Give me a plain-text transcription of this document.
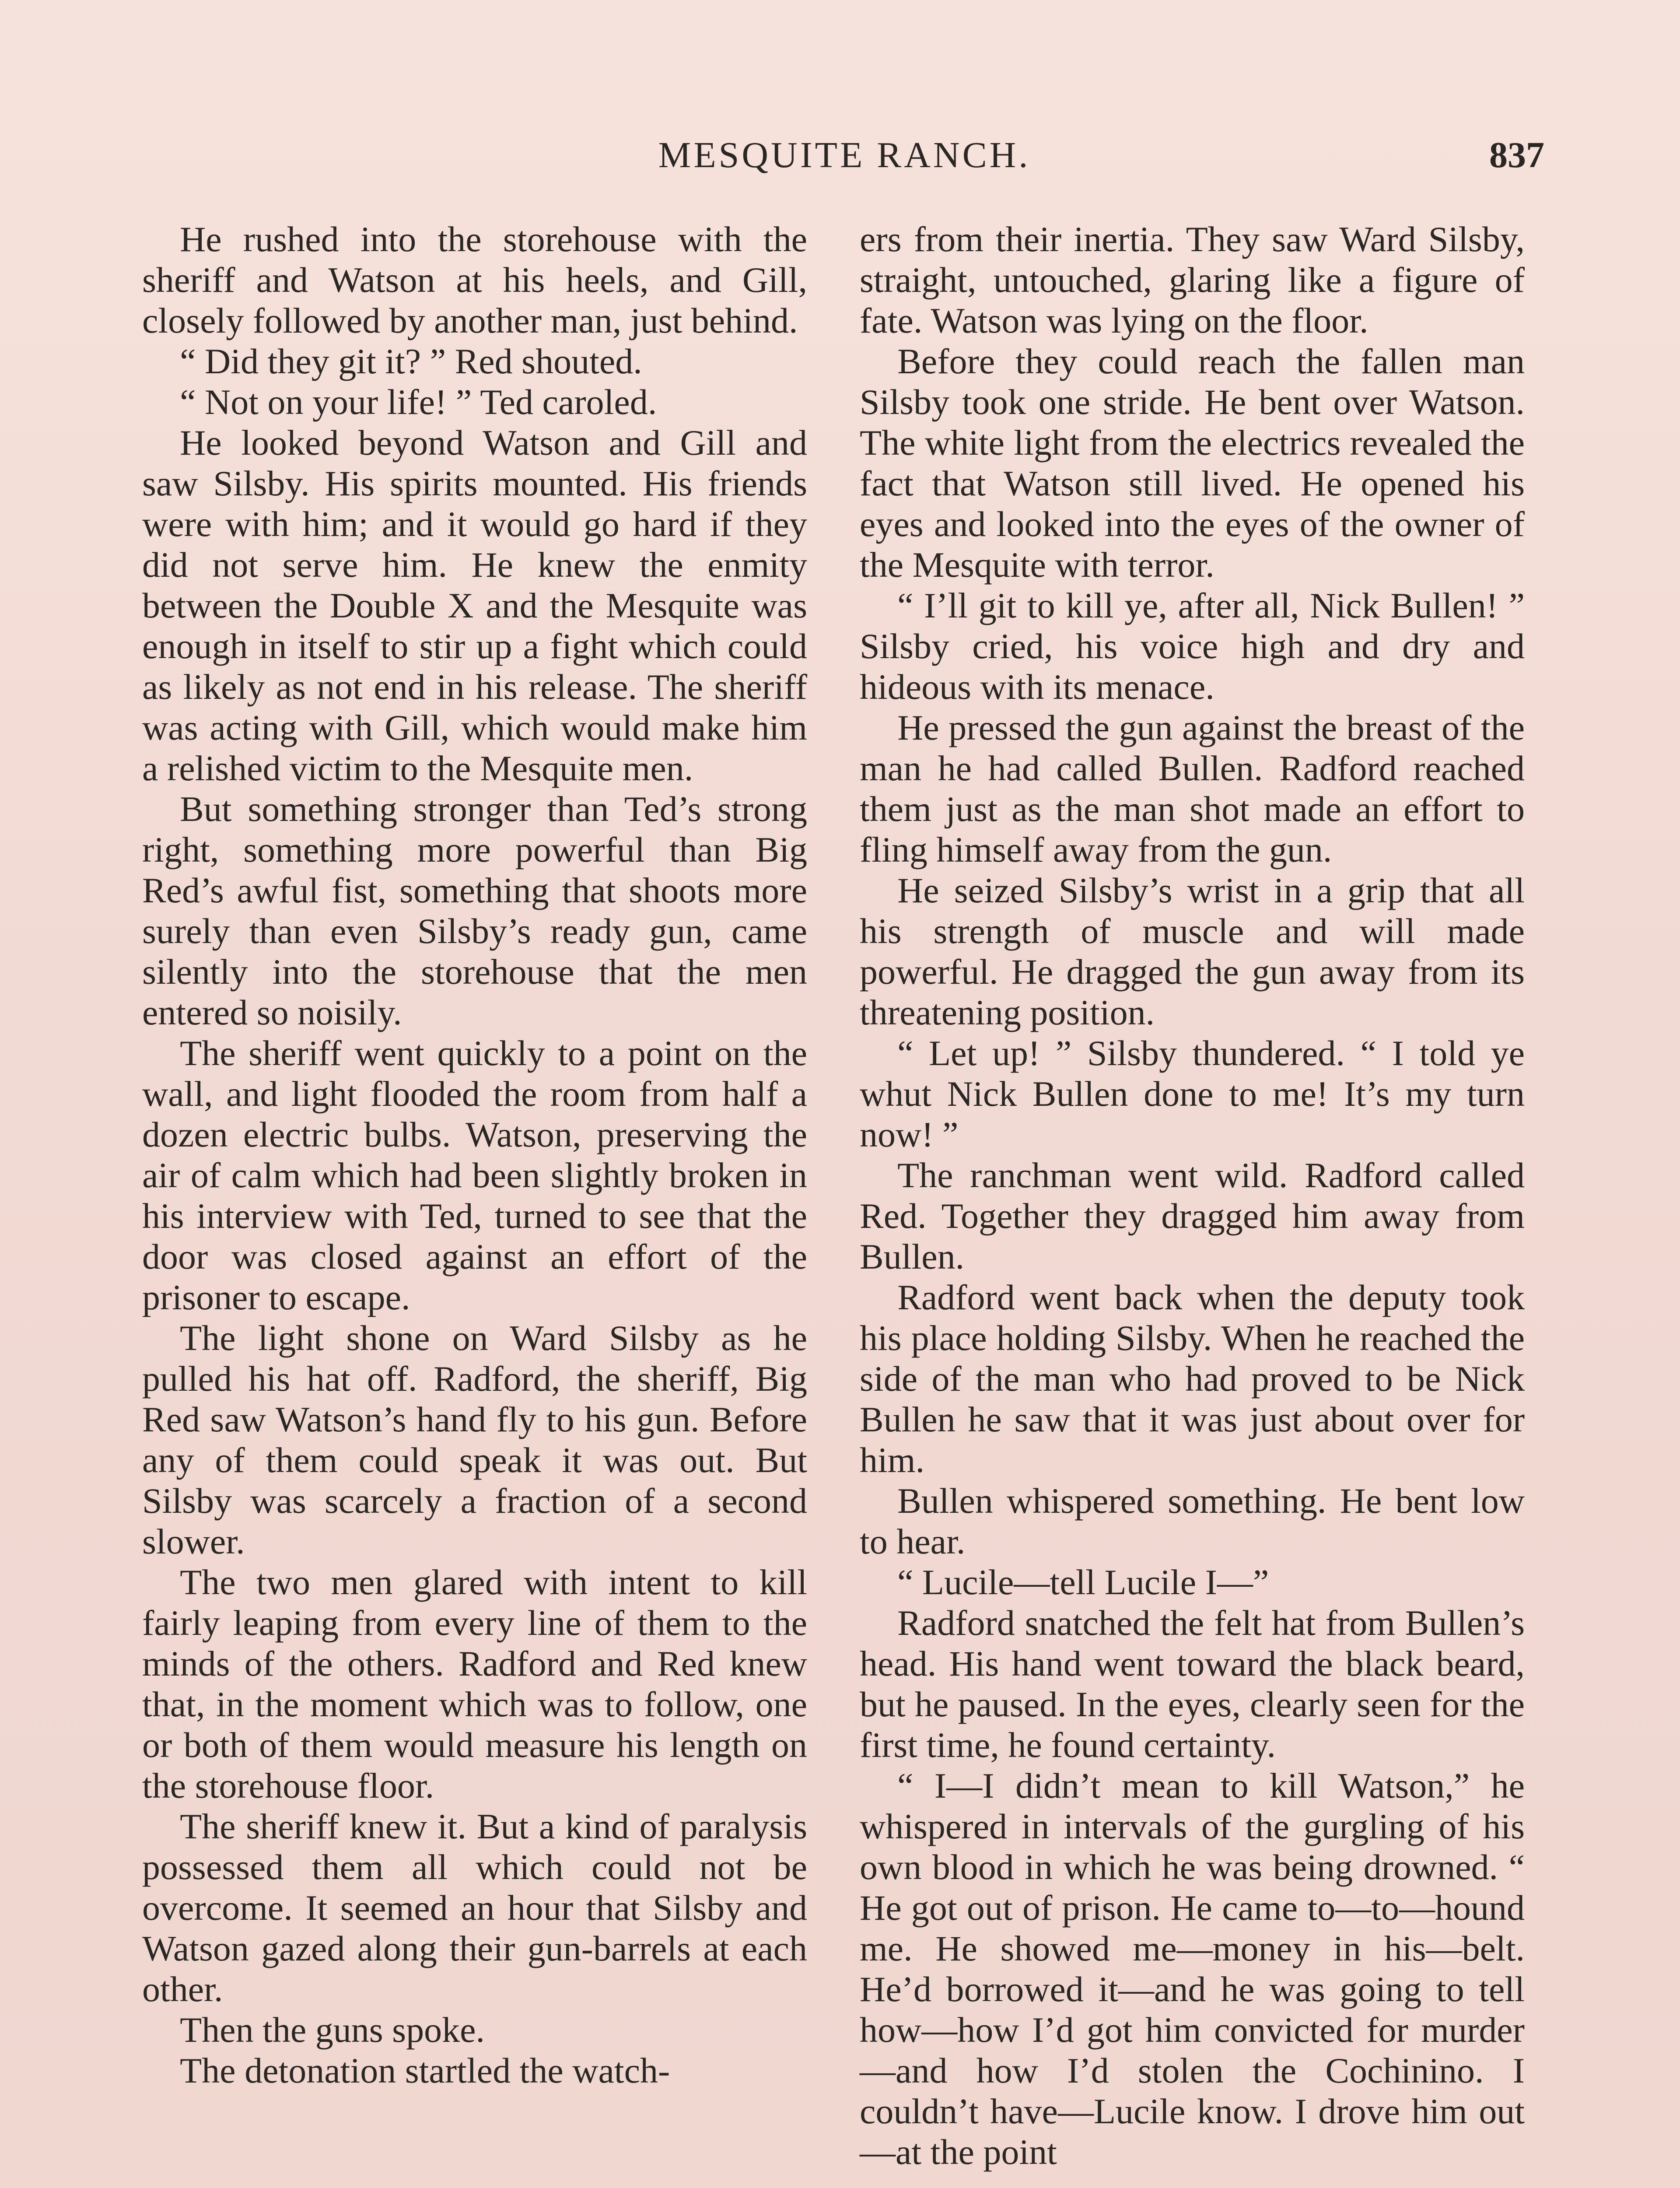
MESQUITE RANCH.	837

He rushed into the storehouse with the sheriff and Watson at his heels, and Gill, closely followed by another man, just behind.

“ Did they git it? ” Red shouted.

“ Not on your life! ” Ted caroled.

He looked beyond Watson and Gill and saw Silsby. His spirits mounted. His friends were with him; and it would go hard if they did not serve him. He knew the enmity between the Double X and the Mesquite was enough in itself to stir up a fight which could as likely as not end in his release. The sheriff was acting with Gill, which would make him a relished victim to the Mesquite men.

But something stronger than Ted’s strong right, something more powerful than Big Red’s awful fist, something that shoots more surely than even Silsby’s ready gun, came silently into the storehouse that the men entered so noisily.

The sheriff went quickly to a point on the wall, and light flooded the room from half a dozen electric bulbs. Watson, preserving the air of calm which had been slightly broken in his interview with Ted, turned to see that the door was closed against an effort of the prisoner to escape.

The light shone on Ward Silsby as he pulled his hat off. Radford, the sheriff, Big Red saw Watson’s hand fly to his gun. Before any of them could speak it was out. But Silsby was scarcely a fraction of a second slower.

The two men glared with intent to kill fairly leaping from every line of them to the minds of the others. Radford and Red knew that, in the moment which was to follow, one or both of them would measure his length on the storehouse floor.

The sheriff knew it. But a kind of paralysis possessed them all which could not be overcome. It seemed an hour that Silsby and Watson gazed along their gun-barrels at each other.

Then the guns spoke.

The detonation startled the watch-

ers from their inertia. They saw Ward Silsby, straight, untouched, glaring like a figure of fate. Watson was lying on the floor.

Before they could reach the fallen man Silsby took one stride. He bent over Watson. The white light from the electrics revealed the fact that Watson still lived. He opened his eyes and looked into the eyes of the owner of the Mesquite with terror.

“ I’ll git to kill ye, after all, Nick Bullen! ” Silsby cried, his voice high and dry and hideous with its menace.

He pressed the gun against the breast of the man he had called Bullen. Radford reached them just as the man shot made an effort to fling himself away from the gun.

He seized Silsby’s wrist in a grip that all his strength of muscle and will made powerful. He dragged the gun away from its threatening position.

“ Let up! ” Silsby thundered. “ I told ye whut Nick Bullen done to me! It’s my turn now! ”

The ranchman went wild. Radford called Red. Together they dragged him away from Bullen.

Radford went back when the deputy took his place holding Silsby. When he reached the side of the man who had proved to be Nick Bullen he saw that it was just about over for him.

Bullen whispered something. He bent low to hear.

“ Lucile—tell Lucile I—”

Radford snatched the felt hat from Bullen’s head. His hand went toward the black beard, but he paused. In the eyes, clearly seen for the first time, he found certainty.

“ I—I didn’t mean to kill Watson,” he whispered in intervals of the gurgling of his own blood in which he was being drowned. “ He got out of prison. He came to—to—hound me. He showed me—money in his—belt. He’d borrowed it—and he was going to tell how—how I’d got him convicted for murder—and how I’d stolen the Cochinino. I couldn’t have—Lucile know. I drove him out—at the point
